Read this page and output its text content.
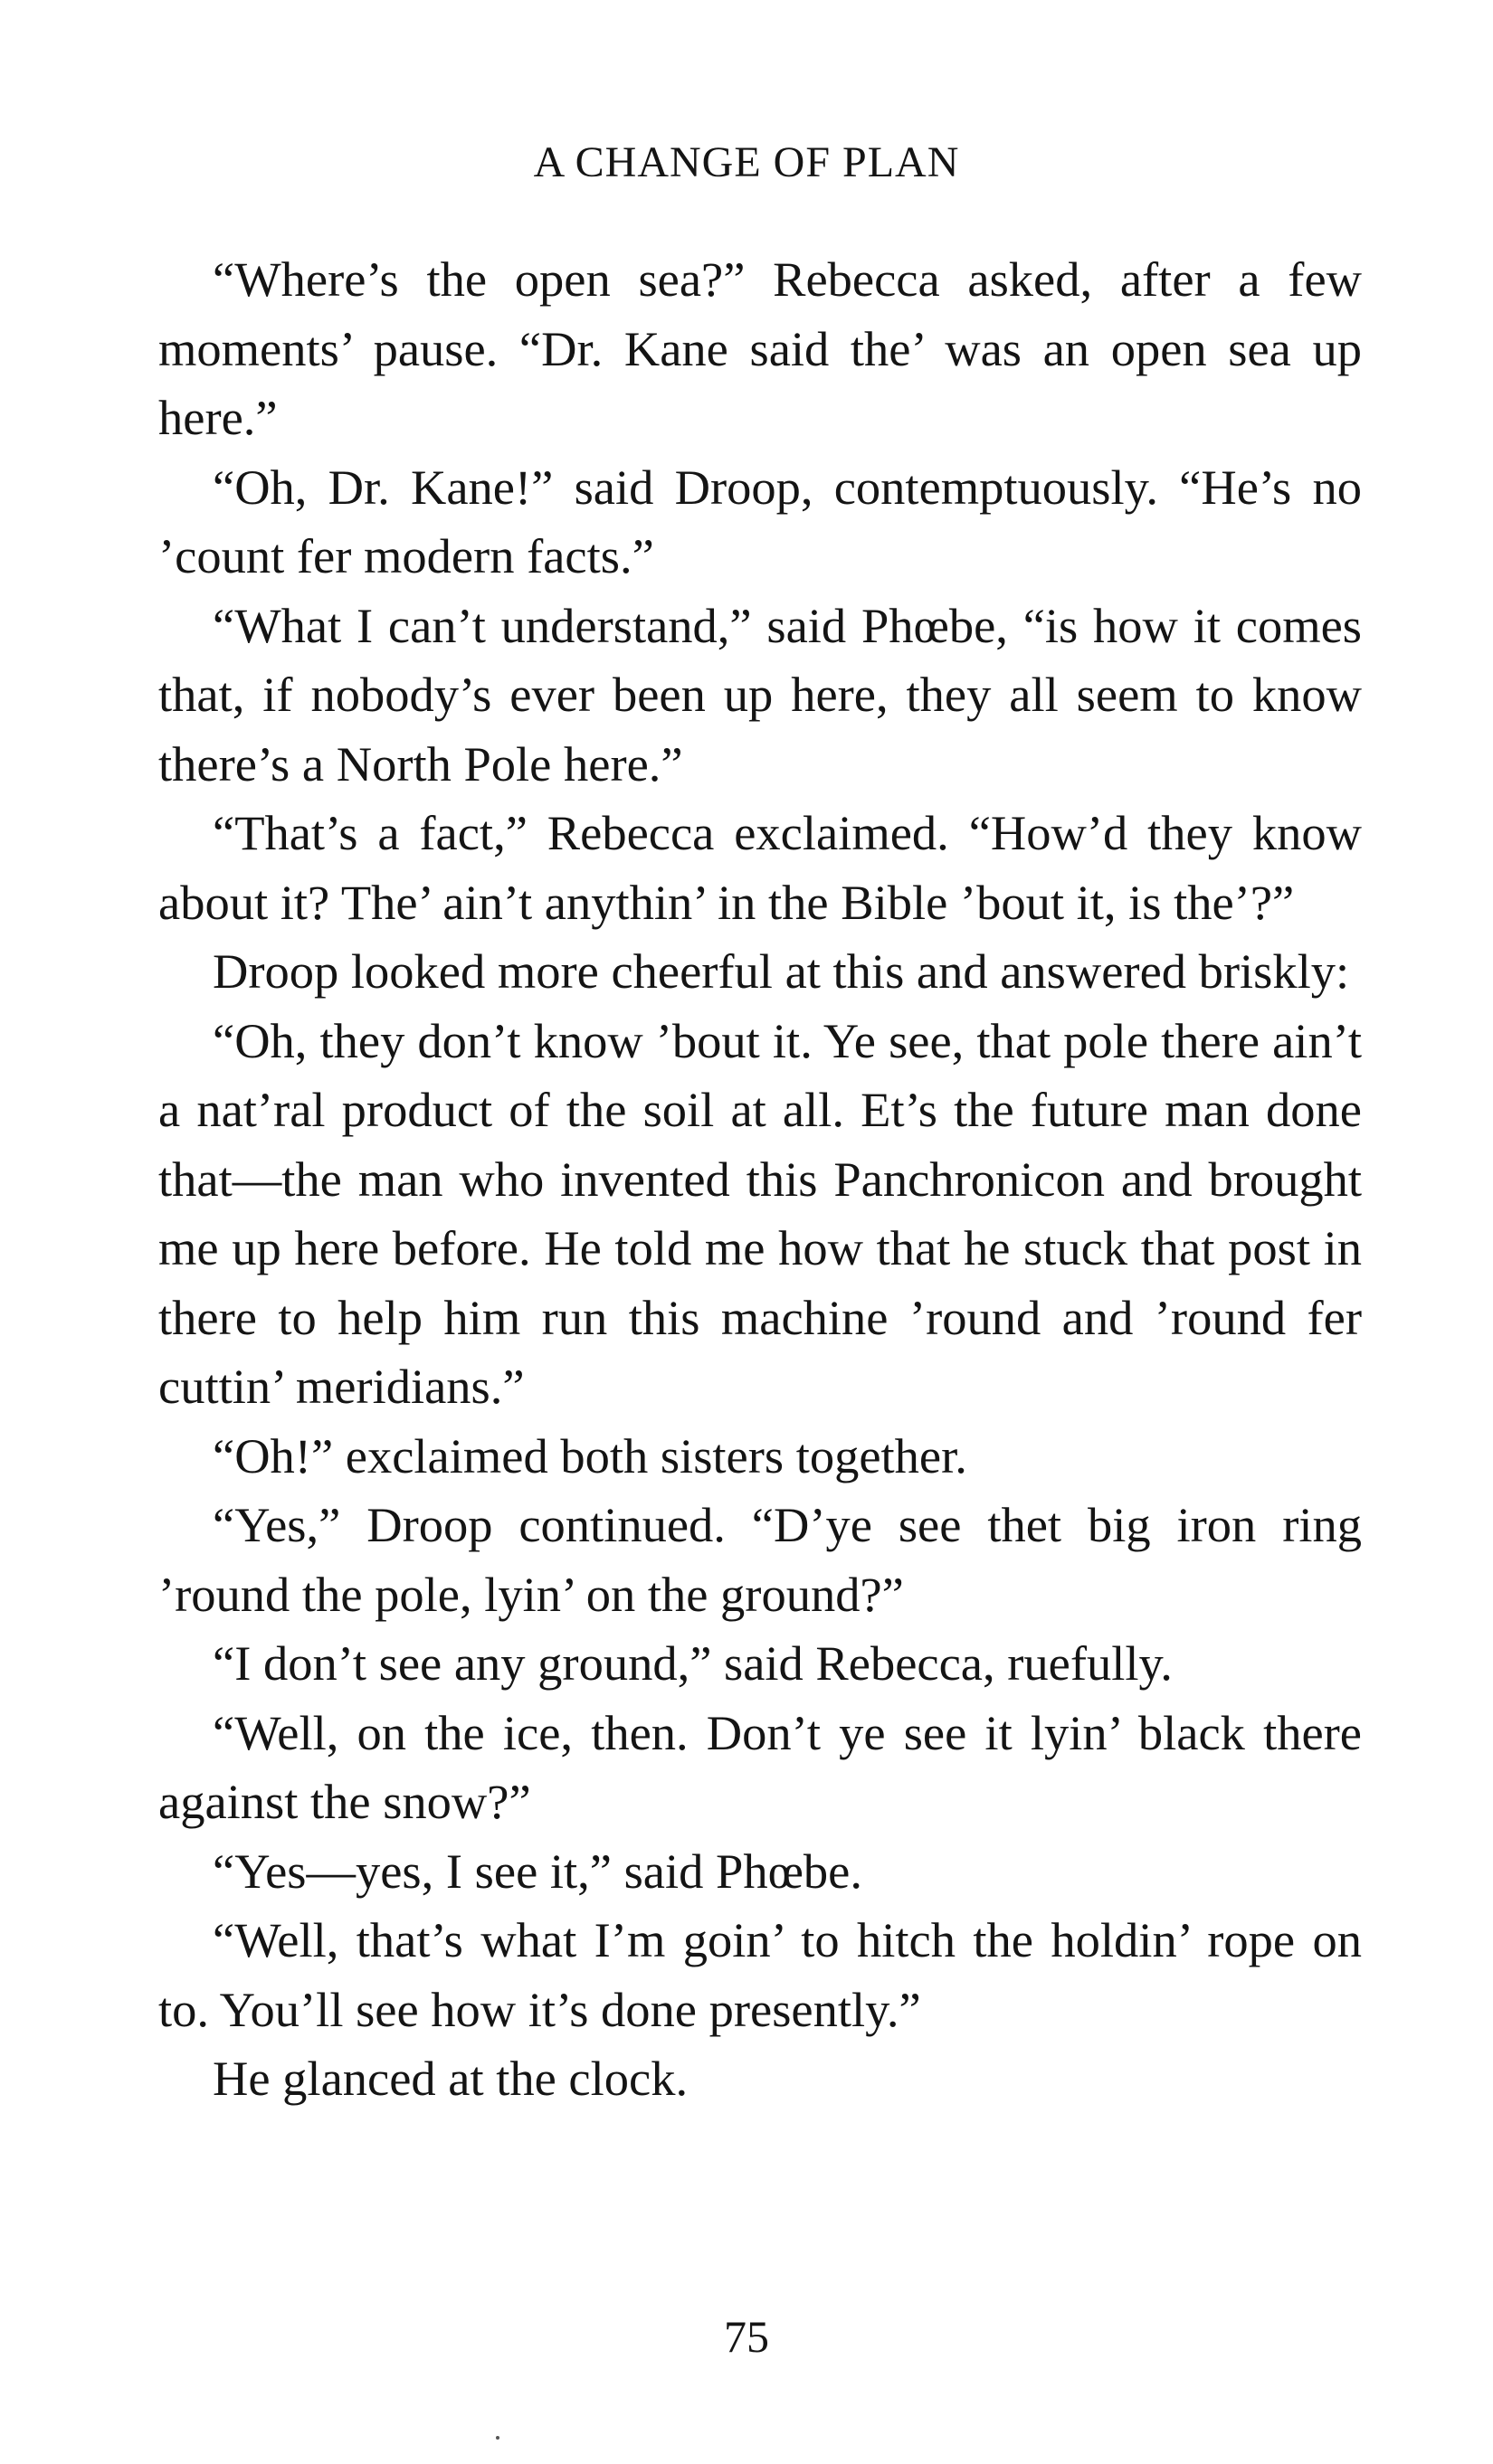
A CHANGE OF PLAN

“Where’s the open sea?” Rebecca asked, after a few moments’ pause. “Dr. Kane said the’ was an open sea up here.”

“Oh, Dr. Kane!” said Droop, contemptuously. “He’s no ’count fer modern facts.”

“What I can’t understand,” said Phœbe, “is how it comes that, if nobody’s ever been up here, they all seem to know there’s a North Pole here.”

“That’s a fact,” Rebecca exclaimed. “How’d they know about it? The’ ain’t anythin’ in the Bible ’bout it, is the’?”

Droop looked more cheerful at this and answered briskly:

“Oh, they don’t know ’bout it. Ye see, that pole there ain’t a nat’ral product of the soil at all. Et’s the future man done that—the man who invented this Panchronicon and brought me up here before. He told me how that he stuck that post in there to help him run this machine ’round and ’round fer cuttin’ meridians.”

“Oh!” exclaimed both sisters together.

“Yes,” Droop continued. “D’ye see thet big iron ring ’round the pole, lyin’ on the ground?”

“I don’t see any ground,” said Rebecca, ruefully.

“Well, on the ice, then. Don’t ye see it lyin’ black there against the snow?”

“Yes—yes, I see it,” said Phœbe.

“Well, that’s what I’m goin’ to hitch the holdin’ rope on to. You’ll see how it’s done presently.”

He glanced at the clock.

75
